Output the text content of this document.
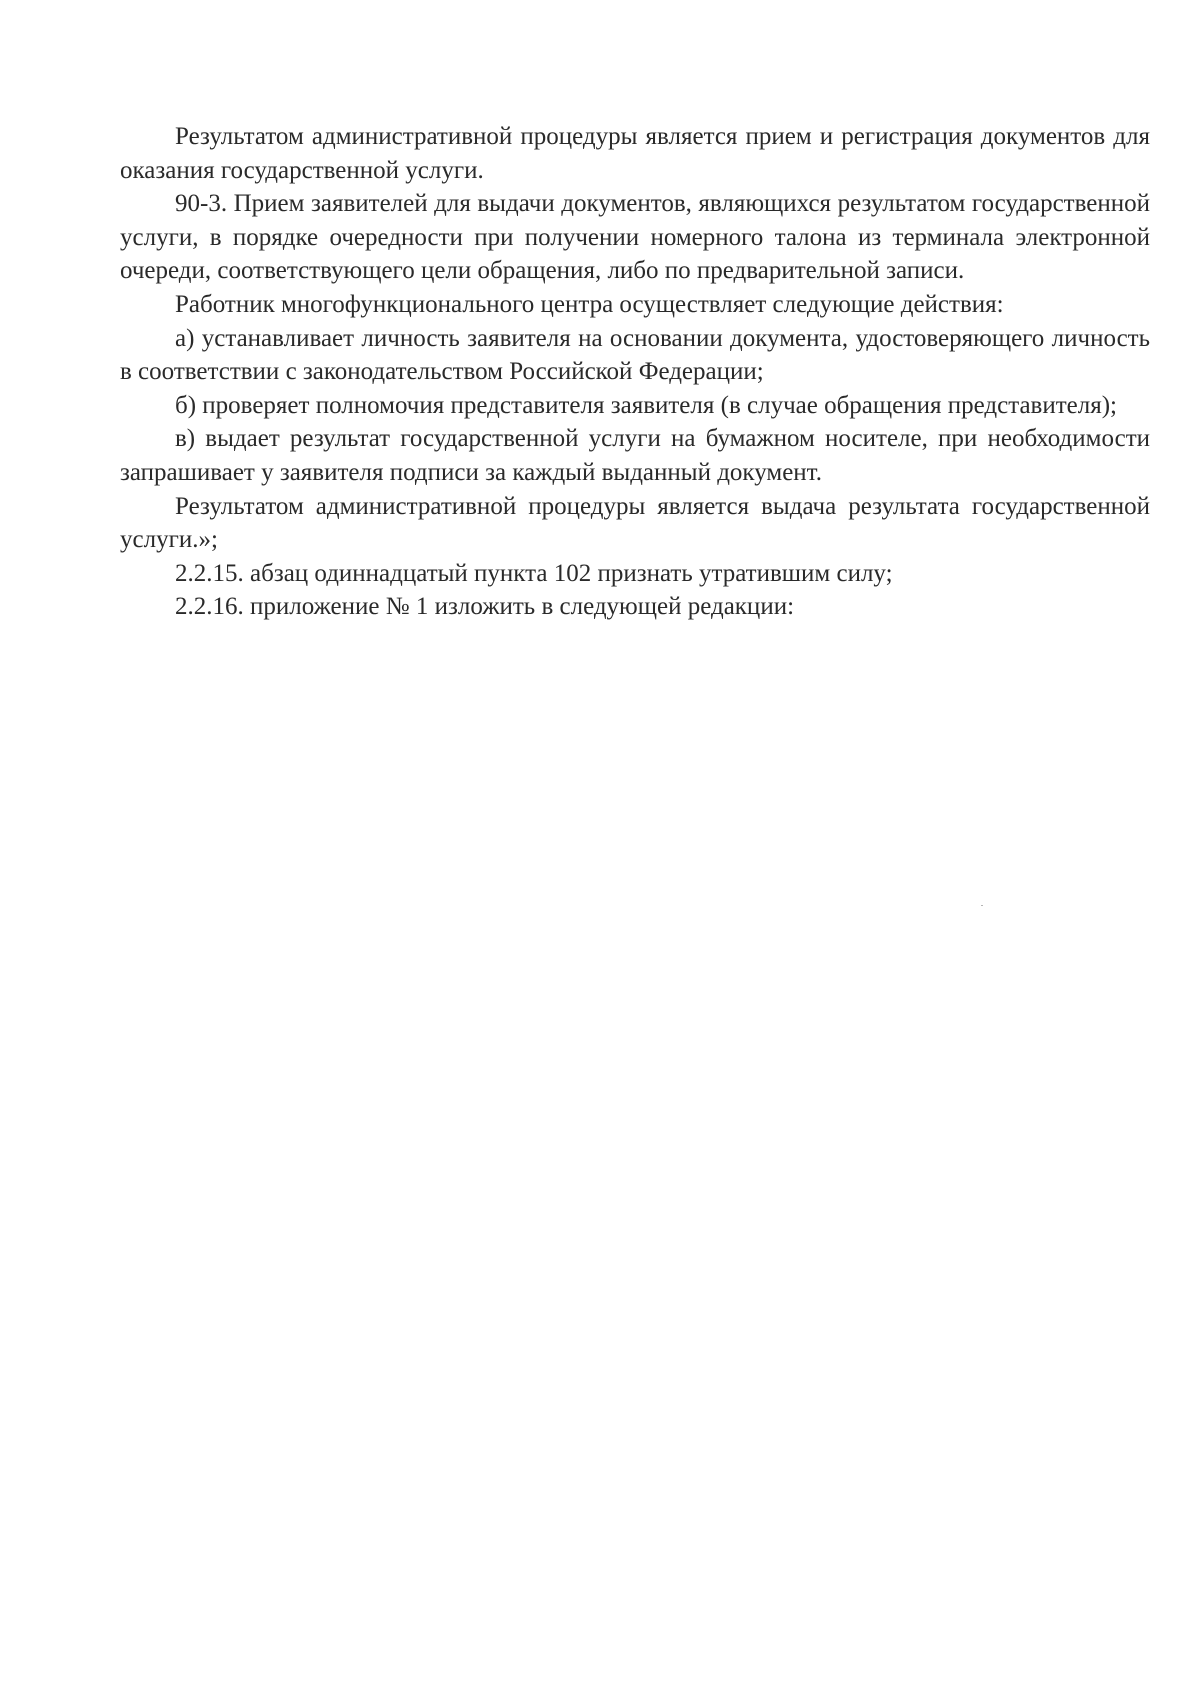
Результатом административной процедуры является прием и регистрация документов для оказания государственной услуги.

90-3. Прием заявителей для выдачи документов, являющихся результатом государственной услуги, в порядке очередности при получении номерного талона из терминала электронной очереди, соответствующего цели обращения, либо по предварительной записи.

Работник многофункционального центра осуществляет следующие действия:

а) устанавливает личность заявителя на основании документа, удостоверяющего личность в соответствии с законодательством Российской Федерации;

б) проверяет полномочия представителя заявителя (в случае обращения представителя);

в) выдает результат государственной услуги на бумажном носителе, при необходимости запрашивает у заявителя подписи за каждый выданный документ.

Результатом административной процедуры является выдача результата государственной услуги.»;

2.2.15. абзац одиннадцатый пункта 102 признать утратившим силу;

2.2.16. приложение № 1 изложить в следующей редакции:
